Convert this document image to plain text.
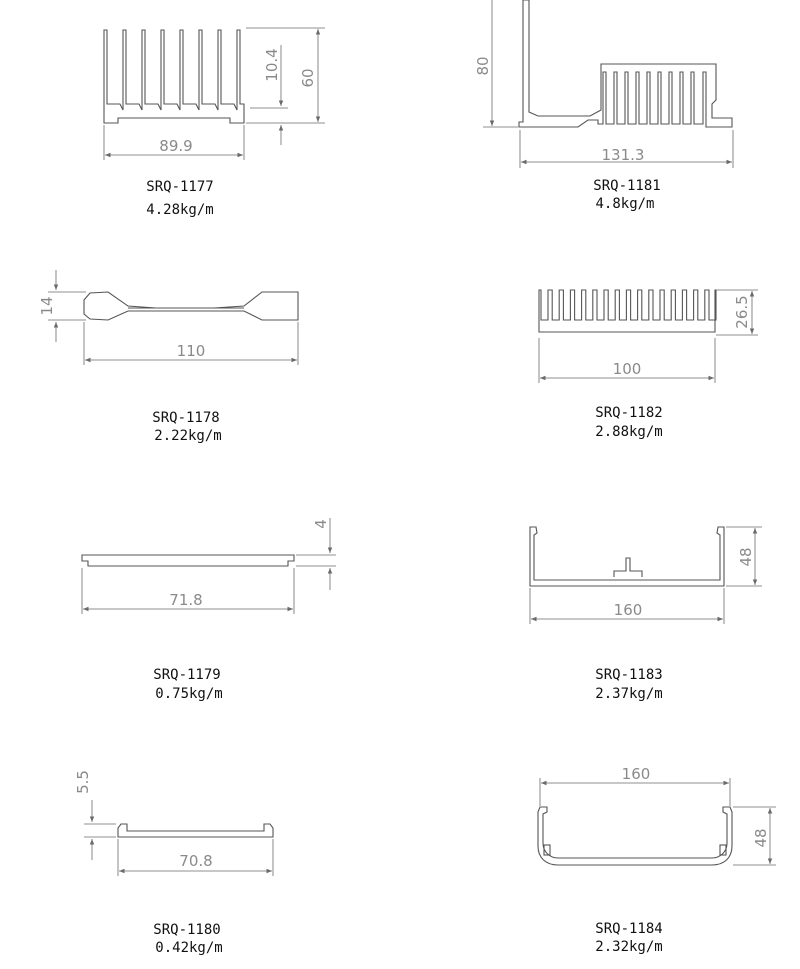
10.4 60
89.9
SRQ-1177
4.28kg/m
80
131.3
SRQ-1181
4.8kg/m
14
110
SRQ-1178
2.22kg/m
26.5
100
SRQ-1182
2.88kg/m
4
71.8
SRQ-1179
0.75kg/m
48
160
SRQ-1183
2.37kg/m
5.5
70.8
SRQ-1180
0.42kg/m
160
48
SRQ-1184
2.32kg/m
